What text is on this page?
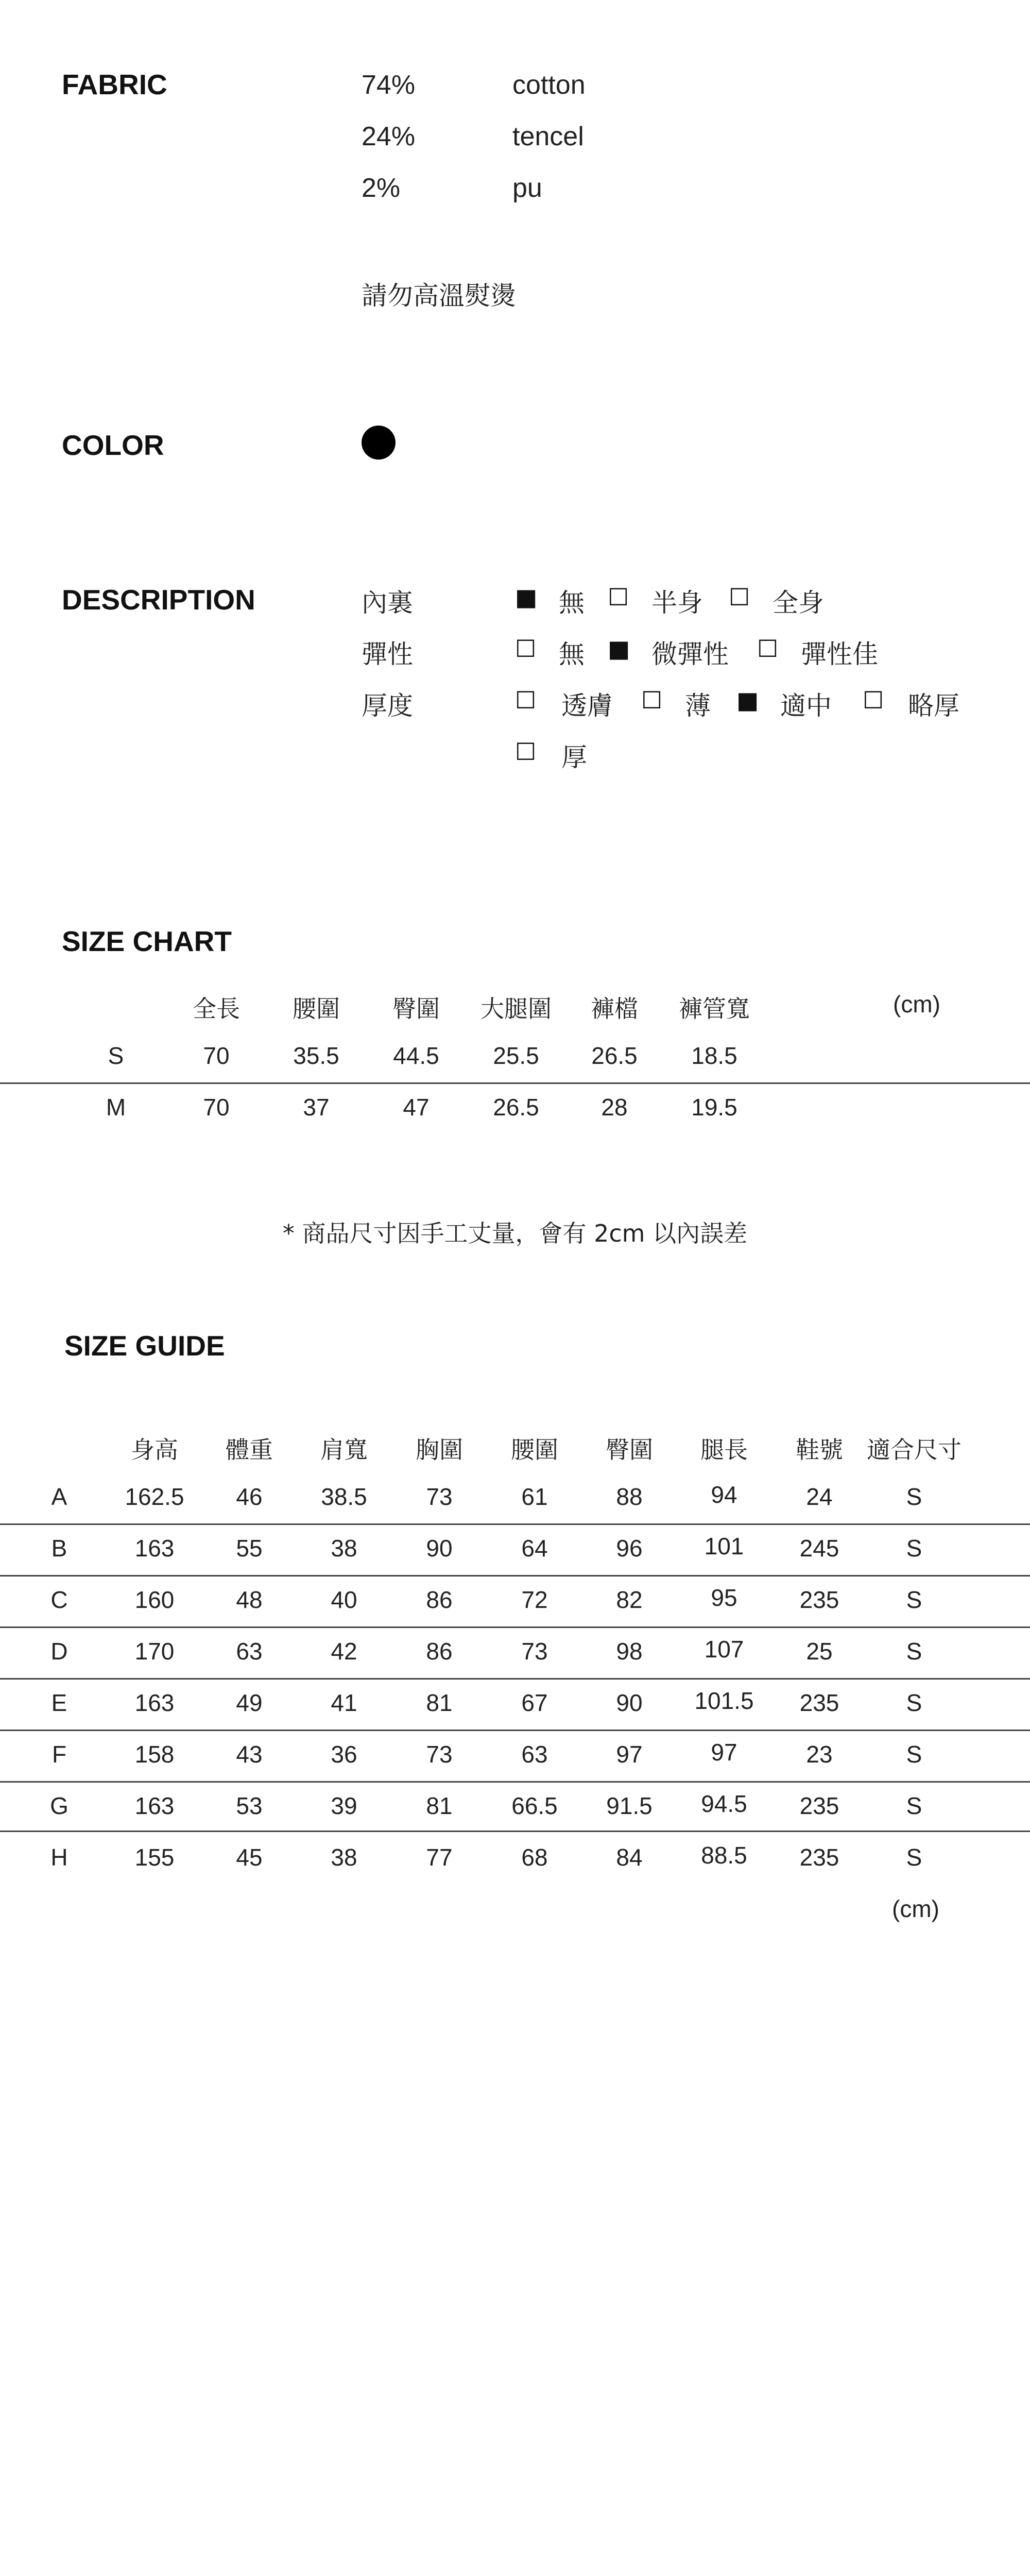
FABRIC	74%	cotton
24%	tencel
2%	pu
請勿高溫熨燙
COLOR
DESCRIPTION	內裏	■ 無 ☐ 半身 ☐ 全身
彈性	☐ 無 ■ 微彈性 ☐ 彈性佳
厚度	☐ 透膚 ☐ 薄 ■ 適中 ☐ 略厚
☐ 厚
SIZE CHART
全長 腰圍 臀圍 大腿圍 褲檔 褲管寬	(cm)
S	70	35.5 44.5 25.5 26.5 18.5
M	70	37	47	26.5	28	19.5
* 商品尺寸因手工丈量，會有 2cm 以內誤差
SIZE GUIDE
身高 體重 肩寬 胸圍 腰圍 臀圍 腿長 鞋號 適合尺寸
A 162.5 46 38.5 73	61	88	94	24	S
B	163	55	38	90	64	96	101 245	S
C	160	48	40	86	72	82	95	235	S
D	170	63	42	86	73	98	107	25	S
E	163	49	41	81	67	90 101.5 235	S
F	158	43	36	73	63	97	97	23	S
G	163	53	39	81 66.5 91.5 94.5 235	S
H	155	45	38	77	68	84 88.5 235	S
(cm)
